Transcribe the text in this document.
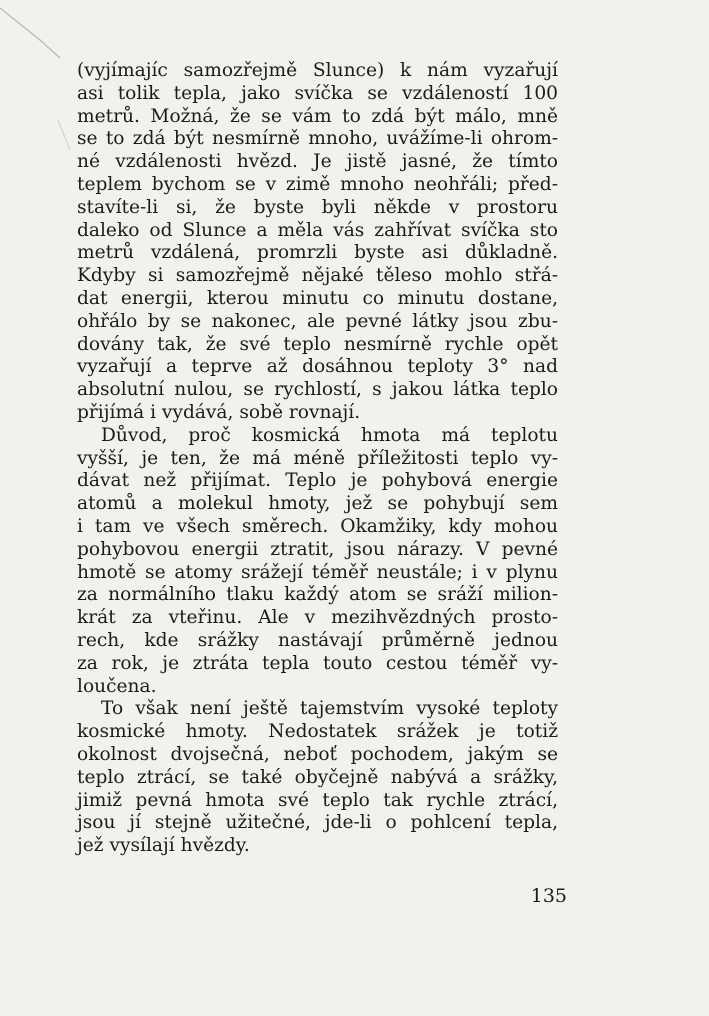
(vyjímajíc samozřejmě Slunce) k nám vyzařují
asi tolik tepla, jako svíčka se vzdáleností 100
metrů. Možná, že se vám to zdá být málo, mně
se to zdá být nesmírně mnoho, uvážíme-li ohrom-
né vzdálenosti hvězd. Je jistě jasné, že tímto
teplem bychom se v zimě mnoho neohřáli; před-
stavíte-li si, že byste byli někde v prostoru
daleko od Slunce a měla vás zahřívat svíčka sto
metrů vzdálená, promrzli byste asi důkladně.
Kdyby si samozřejmě nějaké těleso mohlo střá-
dat energii, kterou minutu co minutu dostane,
ohřálo by se nakonec, ale pevné látky jsou zbu-
dovány tak, že své teplo nesmírně rychle opět
vyzařují a teprve až dosáhnou teploty 3° nad
absolutní nulou, se rychlostí, s jakou látka teplo
přijímá i vydává, sobě rovnají.
Důvod, proč kosmická hmota má teplotu
vyšší, je ten, že má méně příležitosti teplo vy-
dávat než přijímat. Teplo je pohybová energie
atomů a molekul hmoty, jež se pohybují sem
i tam ve všech směrech. Okamžiky, kdy mohou
pohybovou energii ztratit, jsou nárazy. V pevné
hmotě se atomy srážejí téměř neustále; i v plynu
za normálního tlaku každý atom se sráží milion-
krát za vteřinu. Ale v mezihvězdných prosto-
rech, kde srážky nastávají průměrně jednou
za rok, je ztráta tepla touto cestou téměř vy-
loučena.
To však není ještě tajemstvím vysoké teploty
kosmické hmoty. Nedostatek srážek je totiž
okolnost dvojsečná, neboť pochodem, jakým se
teplo ztrácí, se také obyčejně nabývá a srážky,
jimiž pevná hmota své teplo tak rychle ztrácí,
jsou jí stejně užitečné, jde-li o pohlcení tepla,
jež vysílají hvězdy.
135
